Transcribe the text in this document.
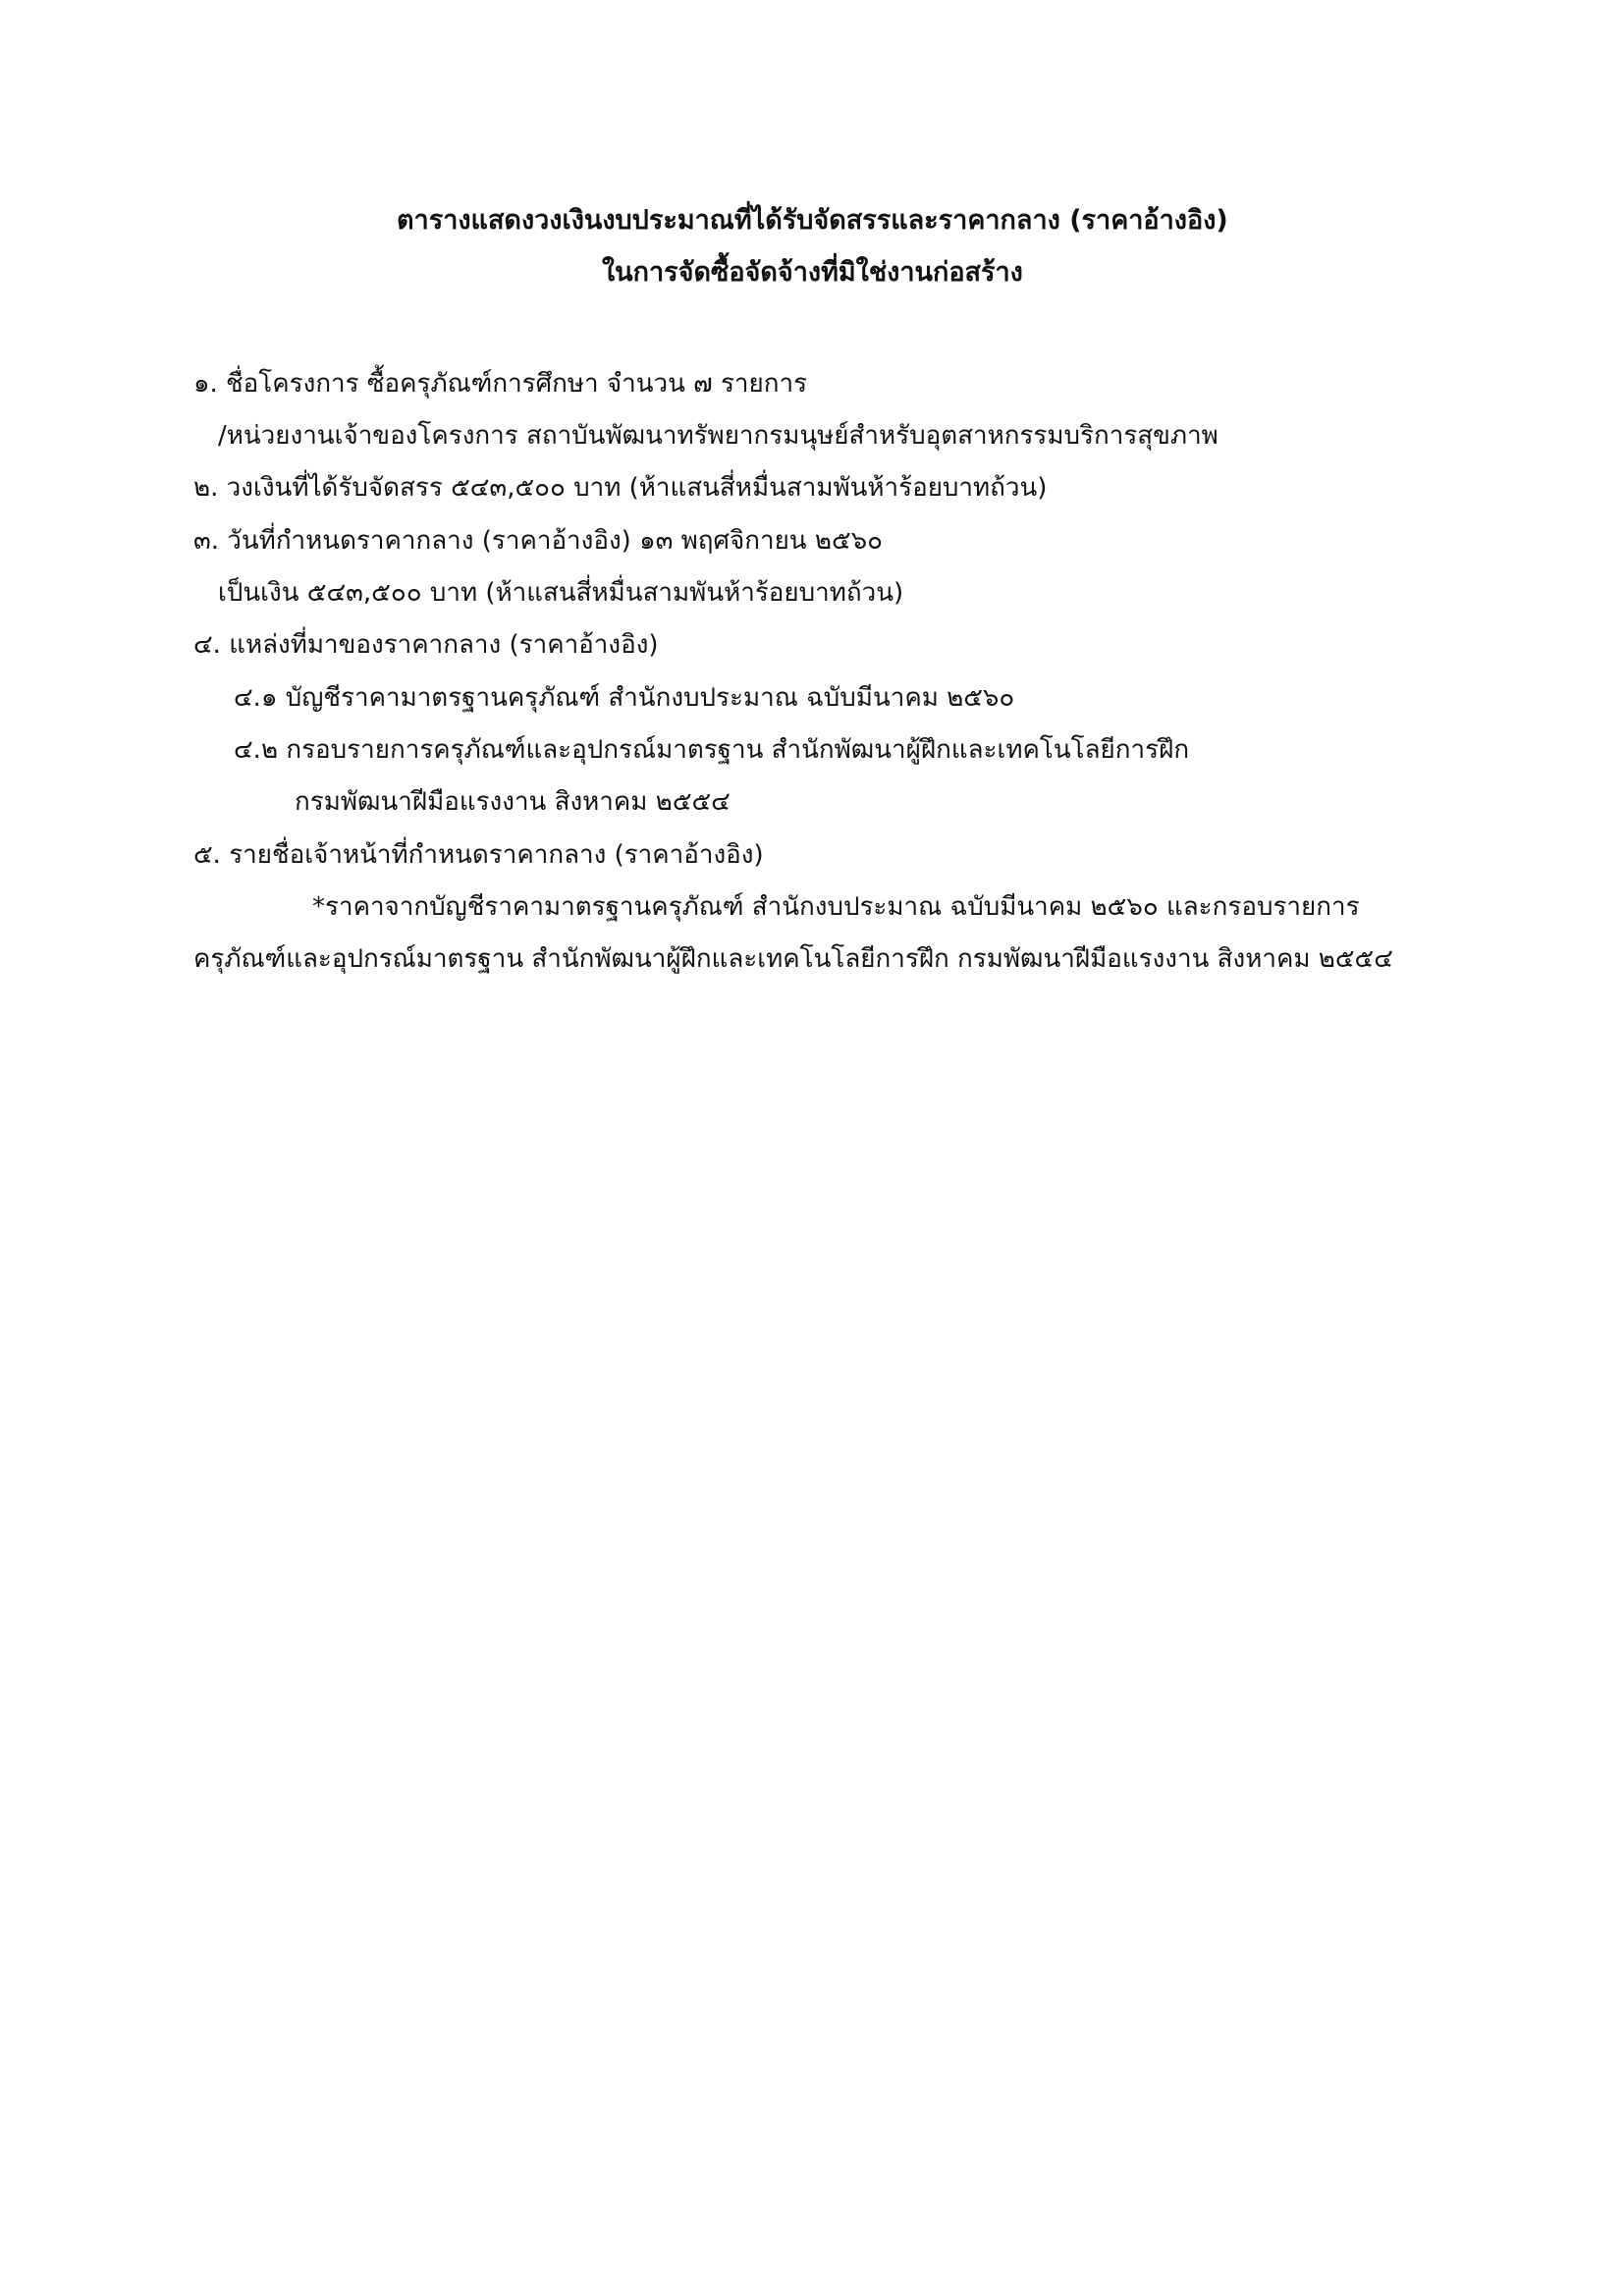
ตารางแสดงวงเงินงบประมาณที่ได้รับจัดสรรและราคากลาง (ราคาอ้างอิง)
ในการจัดซื้อจัดจ้างที่มิใช่งานก่อสร้าง
๑. ชื่อโครงการ ซื้อครุภัณฑ์การศึกษา จำนวน ๗ รายการ
/หน่วยงานเจ้าของโครงการ สถาบันพัฒนาทรัพยากรมนุษย์สำหรับอุตสาหกรรมบริการสุขภาพ
๒. วงเงินที่ได้รับจัดสรร ๕๔๓,๕๐๐ บาท (ห้าแสนสี่หมื่นสามพันห้าร้อยบาทถ้วน)
๓. วันที่กำหนดราคากลาง (ราคาอ้างอิง) ๑๓ พฤศจิกายน ๒๕๖๐
เป็นเงิน ๕๔๓,๕๐๐ บาท (ห้าแสนสี่หมื่นสามพันห้าร้อยบาทถ้วน)
๔. แหล่งที่มาของราคากลาง (ราคาอ้างอิง)
๔.๑ บัญชีราคามาตรฐานครุภัณฑ์ สำนักงบประมาณ ฉบับมีนาคม ๒๕๖๐
๔.๒ กรอบรายการครุภัณฑ์และอุปกรณ์มาตรฐาน สำนักพัฒนาผู้ฝึกและเทคโนโลยีการฝึก
กรมพัฒนาฝีมือแรงงาน สิงหาคม ๒๕๕๔
๕. รายชื่อเจ้าหน้าที่กำหนดราคากลาง (ราคาอ้างอิง)
*ราคาจากบัญชีราคามาตรฐานครุภัณฑ์ สำนักงบประมาณ ฉบับมีนาคม ๒๕๖๐ และกรอบรายการ
ครุภัณฑ์และอุปกรณ์มาตรฐาน สำนักพัฒนาผู้ฝึกและเทคโนโลยีการฝึก กรมพัฒนาฝีมือแรงงาน สิงหาคม ๒๕๕๔
